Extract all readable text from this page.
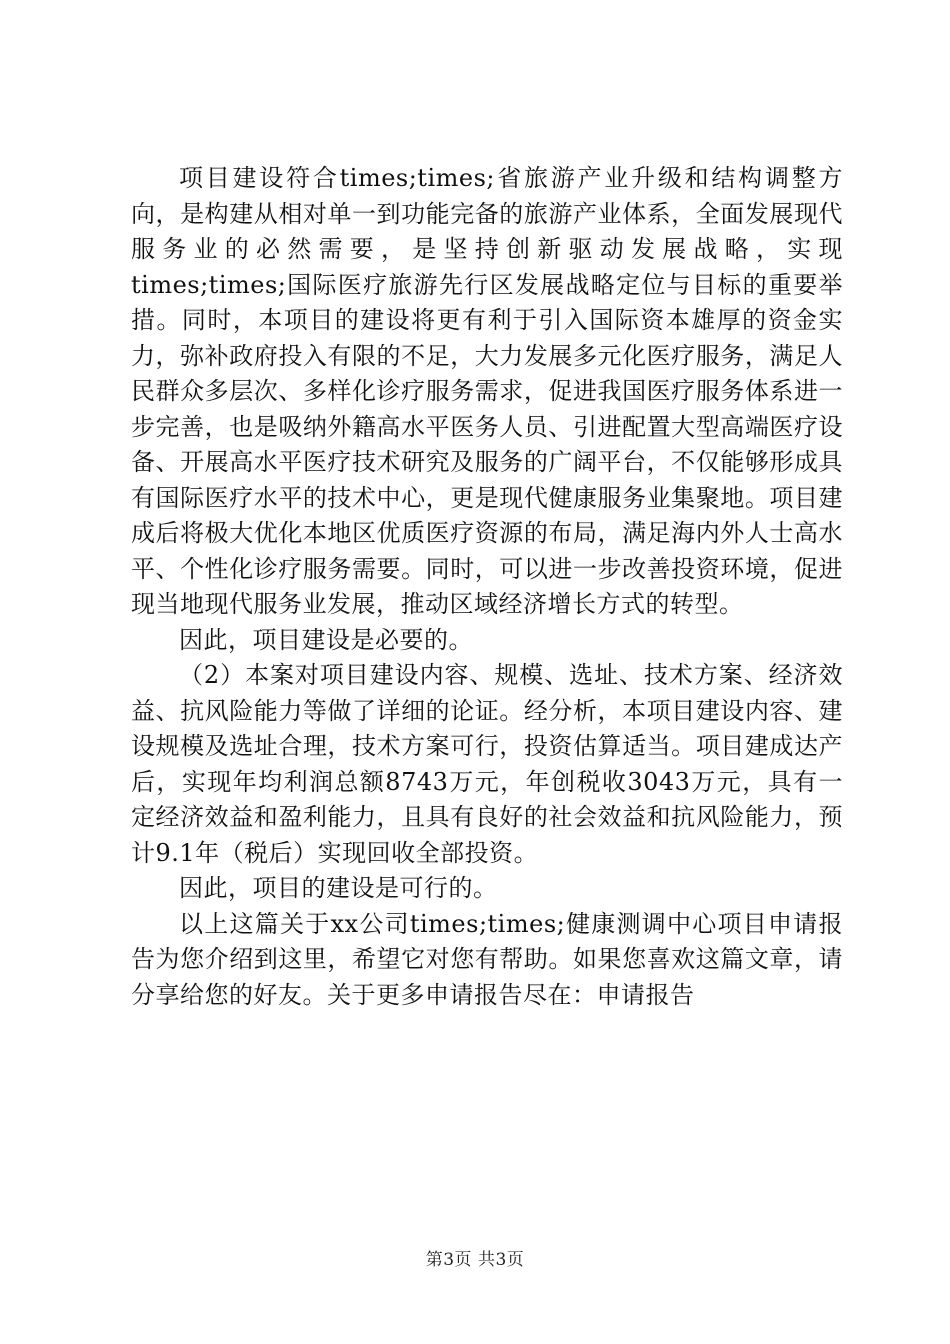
项目建设符合times;times;省旅游产业升级和结构调整方向，是构建从相对单一到功能完备的旅游产业体系，全面发展现代服务业的必然需要，是坚持创新驱动发展战略，实现times;times;国际医疗旅游先行区发展战略定位与目标的重要举措。同时，本项目的建设将更有利于引入国际资本雄厚的资金实力，弥补政府投入有限的不足，大力发展多元化医疗服务，满足人民群众多层次、多样化诊疗服务需求，促进我国医疗服务体系进一步完善，也是吸纳外籍高水平医务人员、引进配置大型高端医疗设备、开展高水平医疗技术研究及服务的广阔平台，不仅能够形成具有国际医疗水平的技术中心，更是现代健康服务业集聚地。项目建成后将极大优化本地区优质医疗资源的布局，满足海内外人士高水平、个性化诊疗服务需要。同时，可以进一步改善投资环境，促进现当地现代服务业发展，推动区域经济增长方式的转型。

因此，项目建设是必要的。

（2）本案对项目建设内容、规模、选址、技术方案、经济效益、抗风险能力等做了详细的论证。经分析，本项目建设内容、建设规模及选址合理，技术方案可行，投资估算适当。项目建成达产后，实现年均利润总额8743万元，年创税收3043万元，具有一定经济效益和盈利能力，且具有良好的社会效益和抗风险能力，预计9.1年（税后）实现回收全部投资。

因此，项目的建设是可行的。

以上这篇关于xx公司times;times;健康测调中心项目申请报告为您介绍到这里，希望它对您有帮助。如果您喜欢这篇文章，请分享给您的好友。关于更多申请报告尽在：申请报告

第3页 共3页
